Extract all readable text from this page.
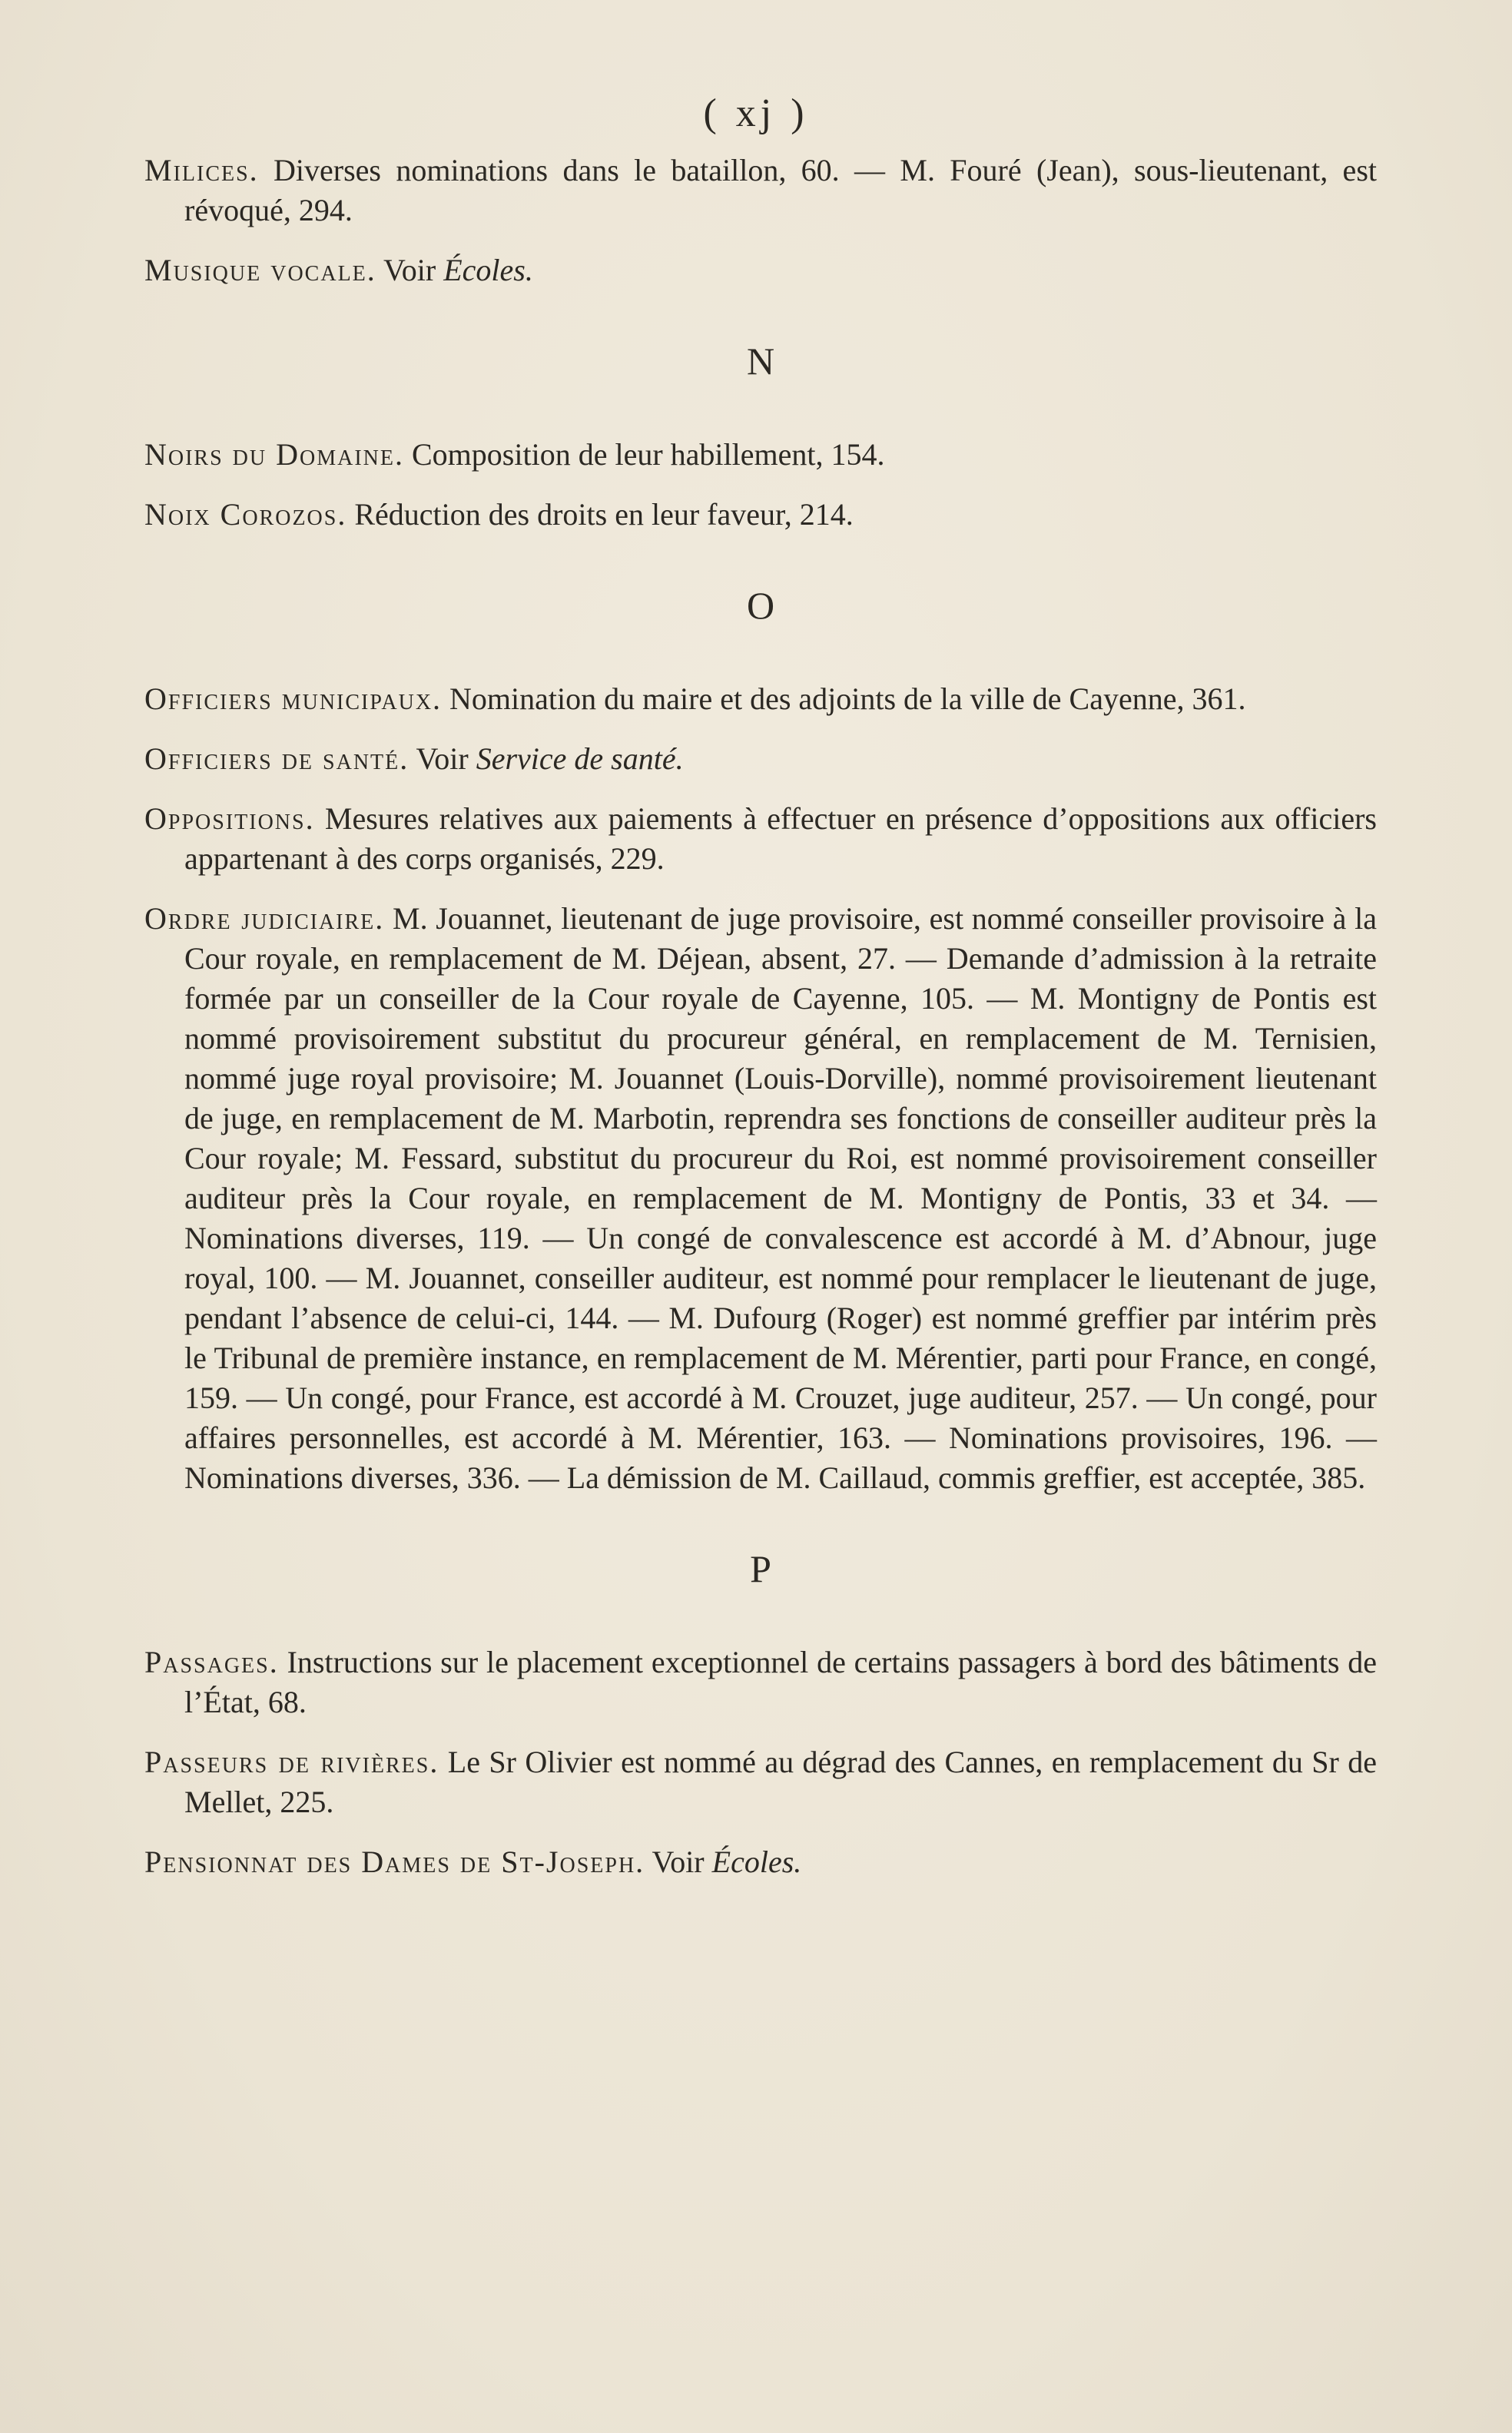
( xj )

Milices. Diverses nominations dans le bataillon, 60. — M. Fouré (Jean), sous-lieutenant, est révoqué, 294.

Musique vocale. Voir Écoles.

N

Noirs du Domaine. Composition de leur habillement, 154.

Noix Corozos. Réduction des droits en leur faveur, 214.

O

Officiers municipaux. Nomination du maire et des adjoints de la ville de Cayenne, 361.

Officiers de santé. Voir Service de santé.

Oppositions. Mesures relatives aux paiements à effectuer en présence d’oppositions aux officiers appartenant à des corps organisés, 229.

Ordre judiciaire. M. Jouannet, lieutenant de juge provisoire, est nommé conseiller provisoire à la Cour royale, en remplacement de M. Déjean, absent, 27. — Demande d’admission à la retraite formée par un conseiller de la Cour royale de Cayenne, 105. — M. Montigny de Pontis est nommé provisoirement substitut du procureur général, en remplacement de M. Ternisien, nommé juge royal provisoire; M. Jouannet (Louis-Dorville), nommé provisoirement lieutenant de juge, en remplacement de M. Marbotin, reprendra ses fonctions de conseiller auditeur près la Cour royale; M. Fessard, substitut du procureur du Roi, est nommé provisoirement conseiller auditeur près la Cour royale, en remplacement de M. Montigny de Pontis, 33 et 34. — Nominations diverses, 119. — Un congé de convalescence est accordé à M. d’Abnour, juge royal, 100. — M. Jouannet, conseiller auditeur, est nommé pour remplacer le lieutenant de juge, pendant l’absence de celui-ci, 144. — M. Dufourg (Roger) est nommé greffier par intérim près le Tribunal de première instance, en remplacement de M. Mérentier, parti pour France, en congé, 159. — Un congé, pour France, est accordé à M. Crouzet, juge auditeur, 257. — Un congé, pour affaires personnelles, est accordé à M. Mérentier, 163. — Nominations provisoires, 196. — Nominations diverses, 336. — La démission de M. Caillaud, commis greffier, est acceptée, 385.

P

Passages. Instructions sur le placement exceptionnel de certains passagers à bord des bâtiments de l’État, 68.

Passeurs de rivières. Le Sr Olivier est nommé au dégrad des Cannes, en remplacement du Sr de Mellet, 225.

Pensionnat des Dames de St-Joseph. Voir Écoles.
